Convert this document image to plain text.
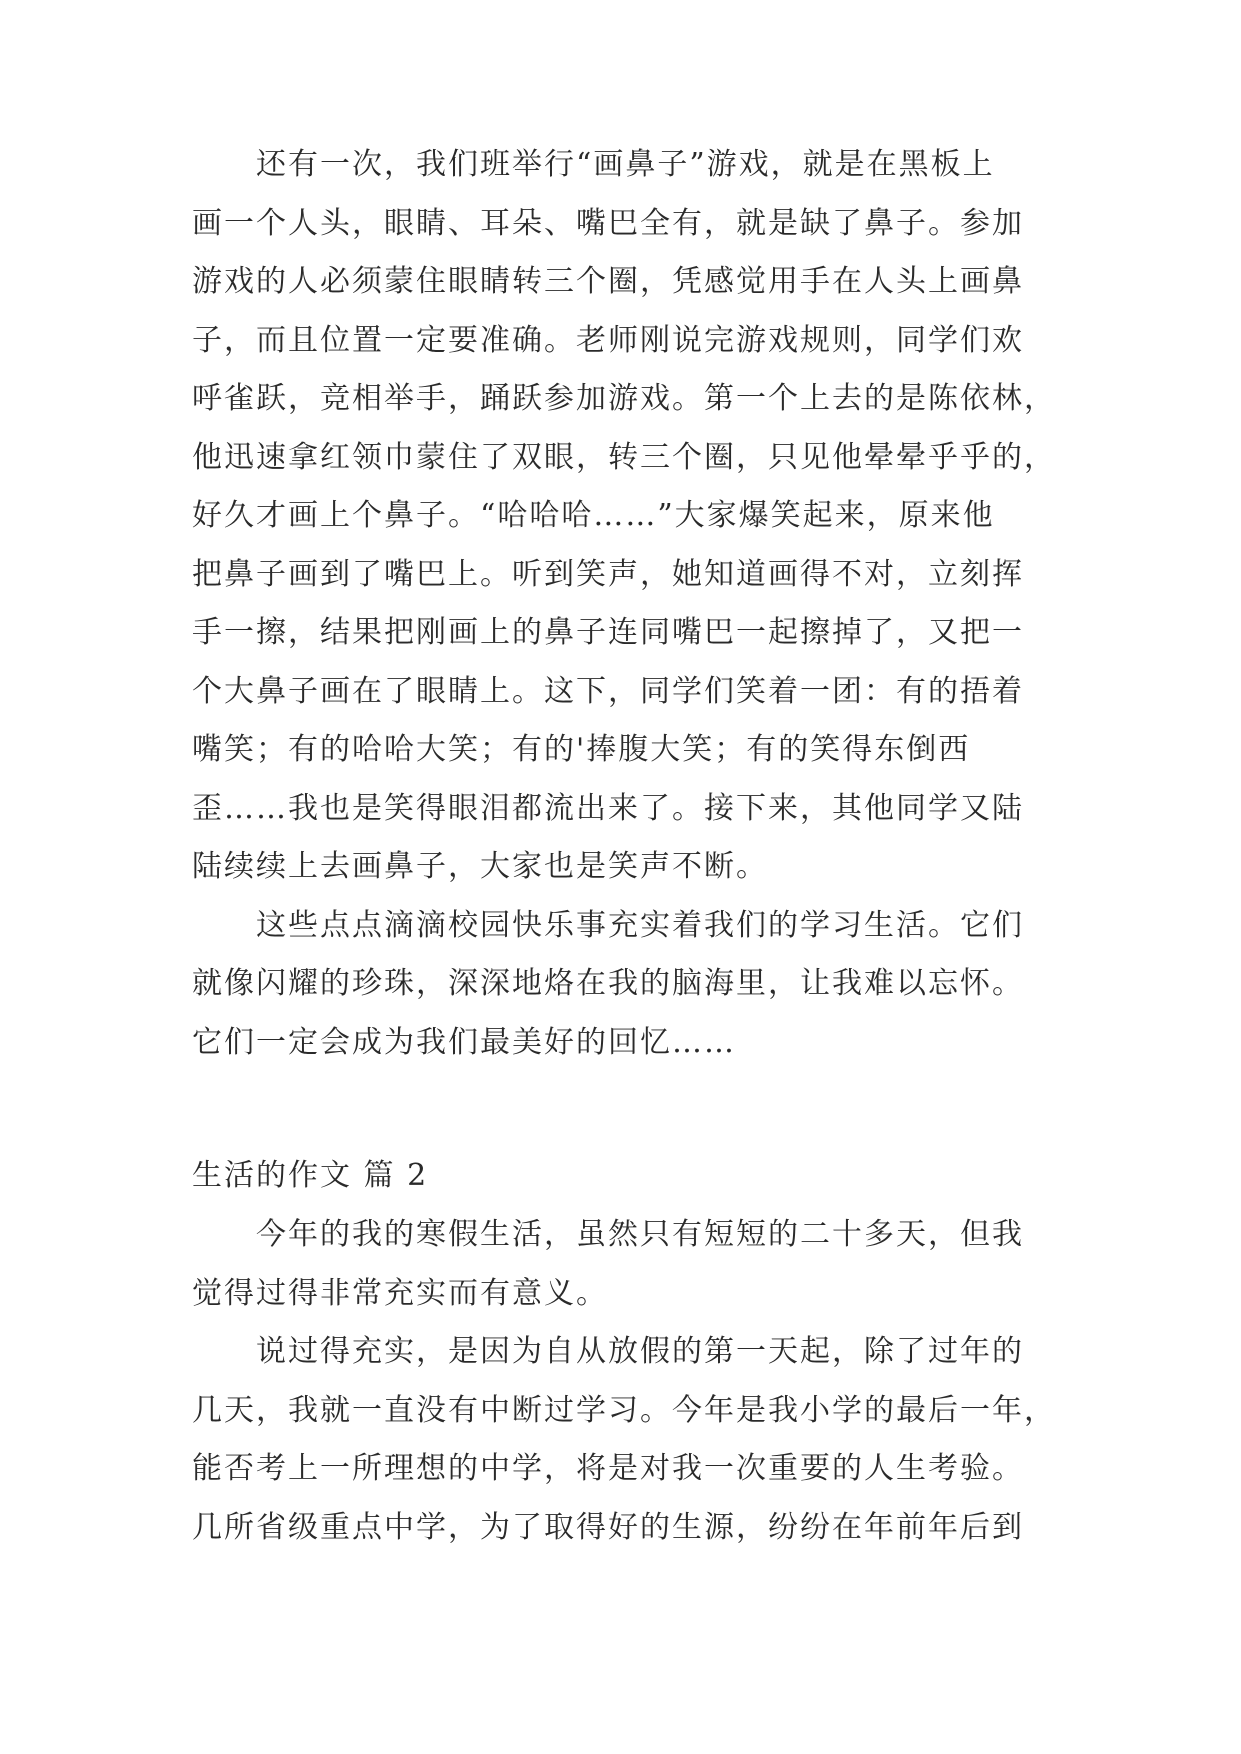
还有一次，我们班举行“画鼻子”游戏，就是在黑板上
画一个人头，眼睛、耳朵、嘴巴全有，就是缺了鼻子。参加
游戏的人必须蒙住眼睛转三个圈，凭感觉用手在人头上画鼻
子，而且位置一定要准确。老师刚说完游戏规则，同学们欢
呼雀跃，竞相举手，踊跃参加游戏。第一个上去的是陈依林，
他迅速拿红领巾蒙住了双眼，转三个圈，只见他晕晕乎乎的，
好久才画上个鼻子。“哈哈哈……”大家爆笑起来，原来他
把鼻子画到了嘴巴上。听到笑声，她知道画得不对，立刻挥
手一擦，结果把刚画上的鼻子连同嘴巴一起擦掉了，又把一
个大鼻子画在了眼睛上。这下，同学们笑着一团：有的捂着
嘴笑；有的哈哈大笑；有的'捧腹大笑；有的笑得东倒西
歪……我也是笑得眼泪都流出来了。接下来，其他同学又陆
陆续续上去画鼻子，大家也是笑声不断。
这些点点滴滴校园快乐事充实着我们的学习生活。它们
就像闪耀的珍珠，深深地烙在我的脑海里，让我难以忘怀。
它们一定会成为我们最美好的回忆……
生活的作文 篇 2
今年的我的寒假生活，虽然只有短短的二十多天，但我
觉得过得非常充实而有意义。
说过得充实，是因为自从放假的第一天起，除了过年的
几天，我就一直没有中断过学习。今年是我小学的最后一年，
能否考上一所理想的中学，将是对我一次重要的人生考验。
几所省级重点中学，为了取得好的生源，纷纷在年前年后到
